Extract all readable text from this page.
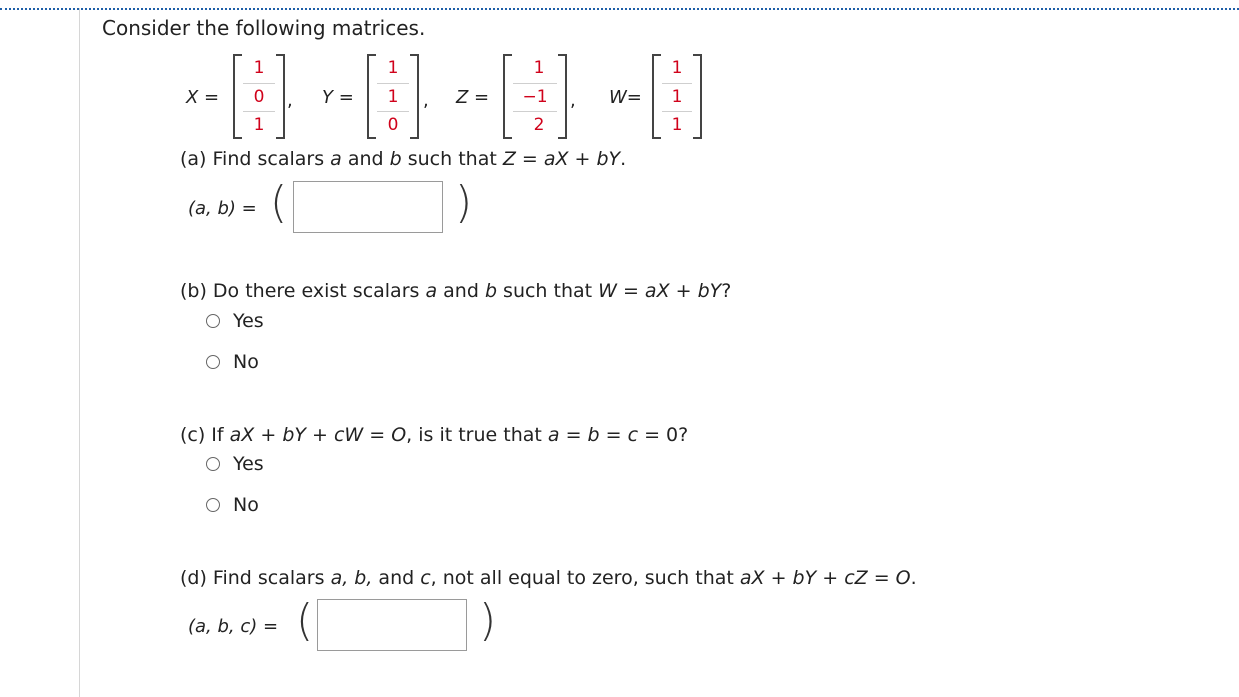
Consider the following matrices.
X =
1
0
1
, Y =
1
1
0
, Z =
1
−1
2
, W=
1
1
1
(a) Find scalars a and b such that Z = aX + bY.
(a, b) = (	)
(b) Do there exist scalars a and b such that W = aX + bY?
Yes
No
(c) If aX + bY + cW = O, is it true that a = b = c = 0?
Yes
No
(d) Find scalars a, b, and c, not all equal to zero, such that aX + bY + cZ = O.
(a, b, c) = (	)
